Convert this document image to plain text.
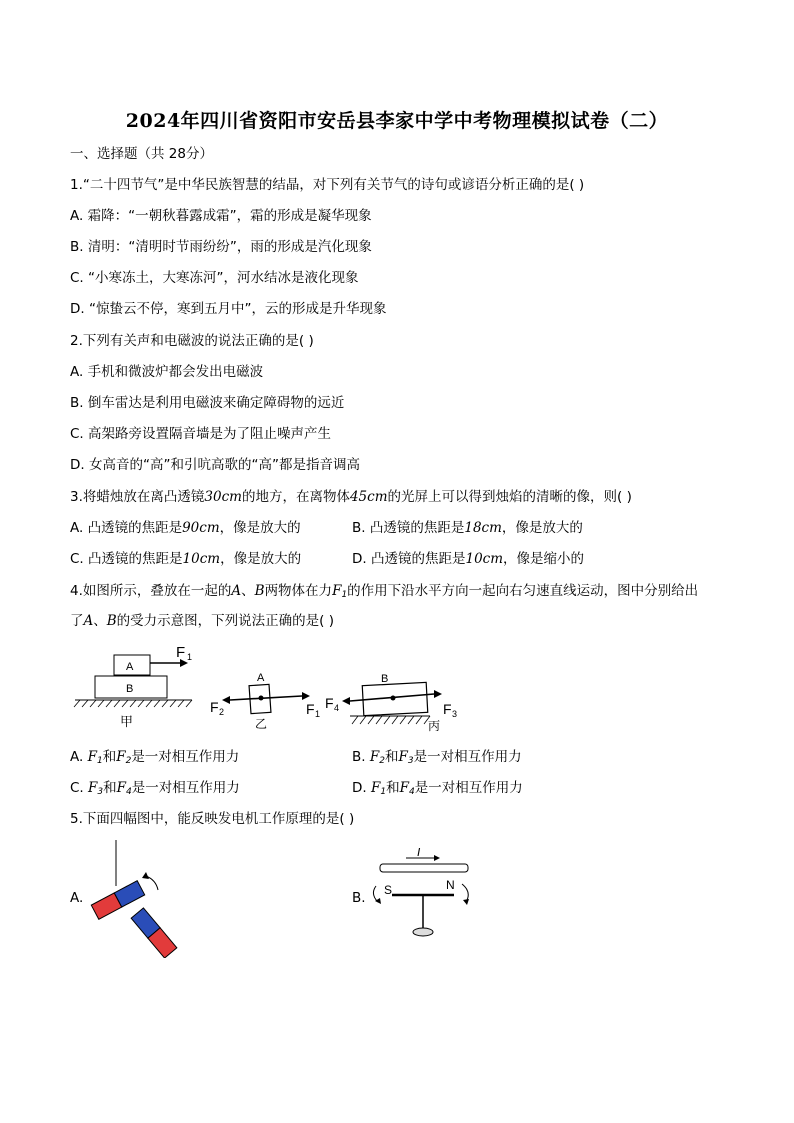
2024年四川省资阳市安岳县李家中学中考物理模拟试卷（二）
一、选择题（共 28分）
1.“二十四节气”是中华民族智慧的结晶，对下列有关节气的诗句或谚语分析正确的是( )
A. 霜降：“一朝秋暮露成霜”，霜的形成是凝华现象
B. 清明：“清明时节雨纷纷”，雨的形成是汽化现象
C. “小寒冻土，大寒冻河”，河水结冰是液化现象
D. “惊蛰云不停，寒到五月中”，云的形成是升华现象
2.下列有关声和电磁波的说法正确的是( )
A. 手机和微波炉都会发出电磁波
B. 倒车雷达是利用电磁波来确定障碍物的远近
C. 高架路旁设置隔音墙是为了阻止噪声产生
D. 女高音的“高”和引吭高歌的“高”都是指音调高
3.将蜡烛放在离凸透镜30cm的地方，在离物体45cm的光屏上可以得到烛焰的清晰的像，则( )
A. 凸透镜的焦距是90cm，像是放大的	B. 凸透镜的焦距是18cm，像是放大的
C. 凸透镜的焦距是10cm，像是放大的	D. 凸透镜的焦距是10cm，像是缩小的
4.如图所示，叠放在一起的A、B两物体在力$F_1$的作用下沿水平方向一起向右匀速直线运动，图中分别给出
了A、B的受力示意图，下列说法正确的是( )
A
B
F 1
甲
A
F 2	F 1
乙
B
F 4	F 3
丙
A. $F_1$和$F_2$是一对相互作用力	B. $F_2$和$F_3$是一对相互作用力
C. $F_3$和$F_4$是一对相互作用力	D. $F_1$和$F_4$是一对相互作用力
5.下面四幅图中，能反映发电机工作原理的是( )
A.	B.
I
S	N
